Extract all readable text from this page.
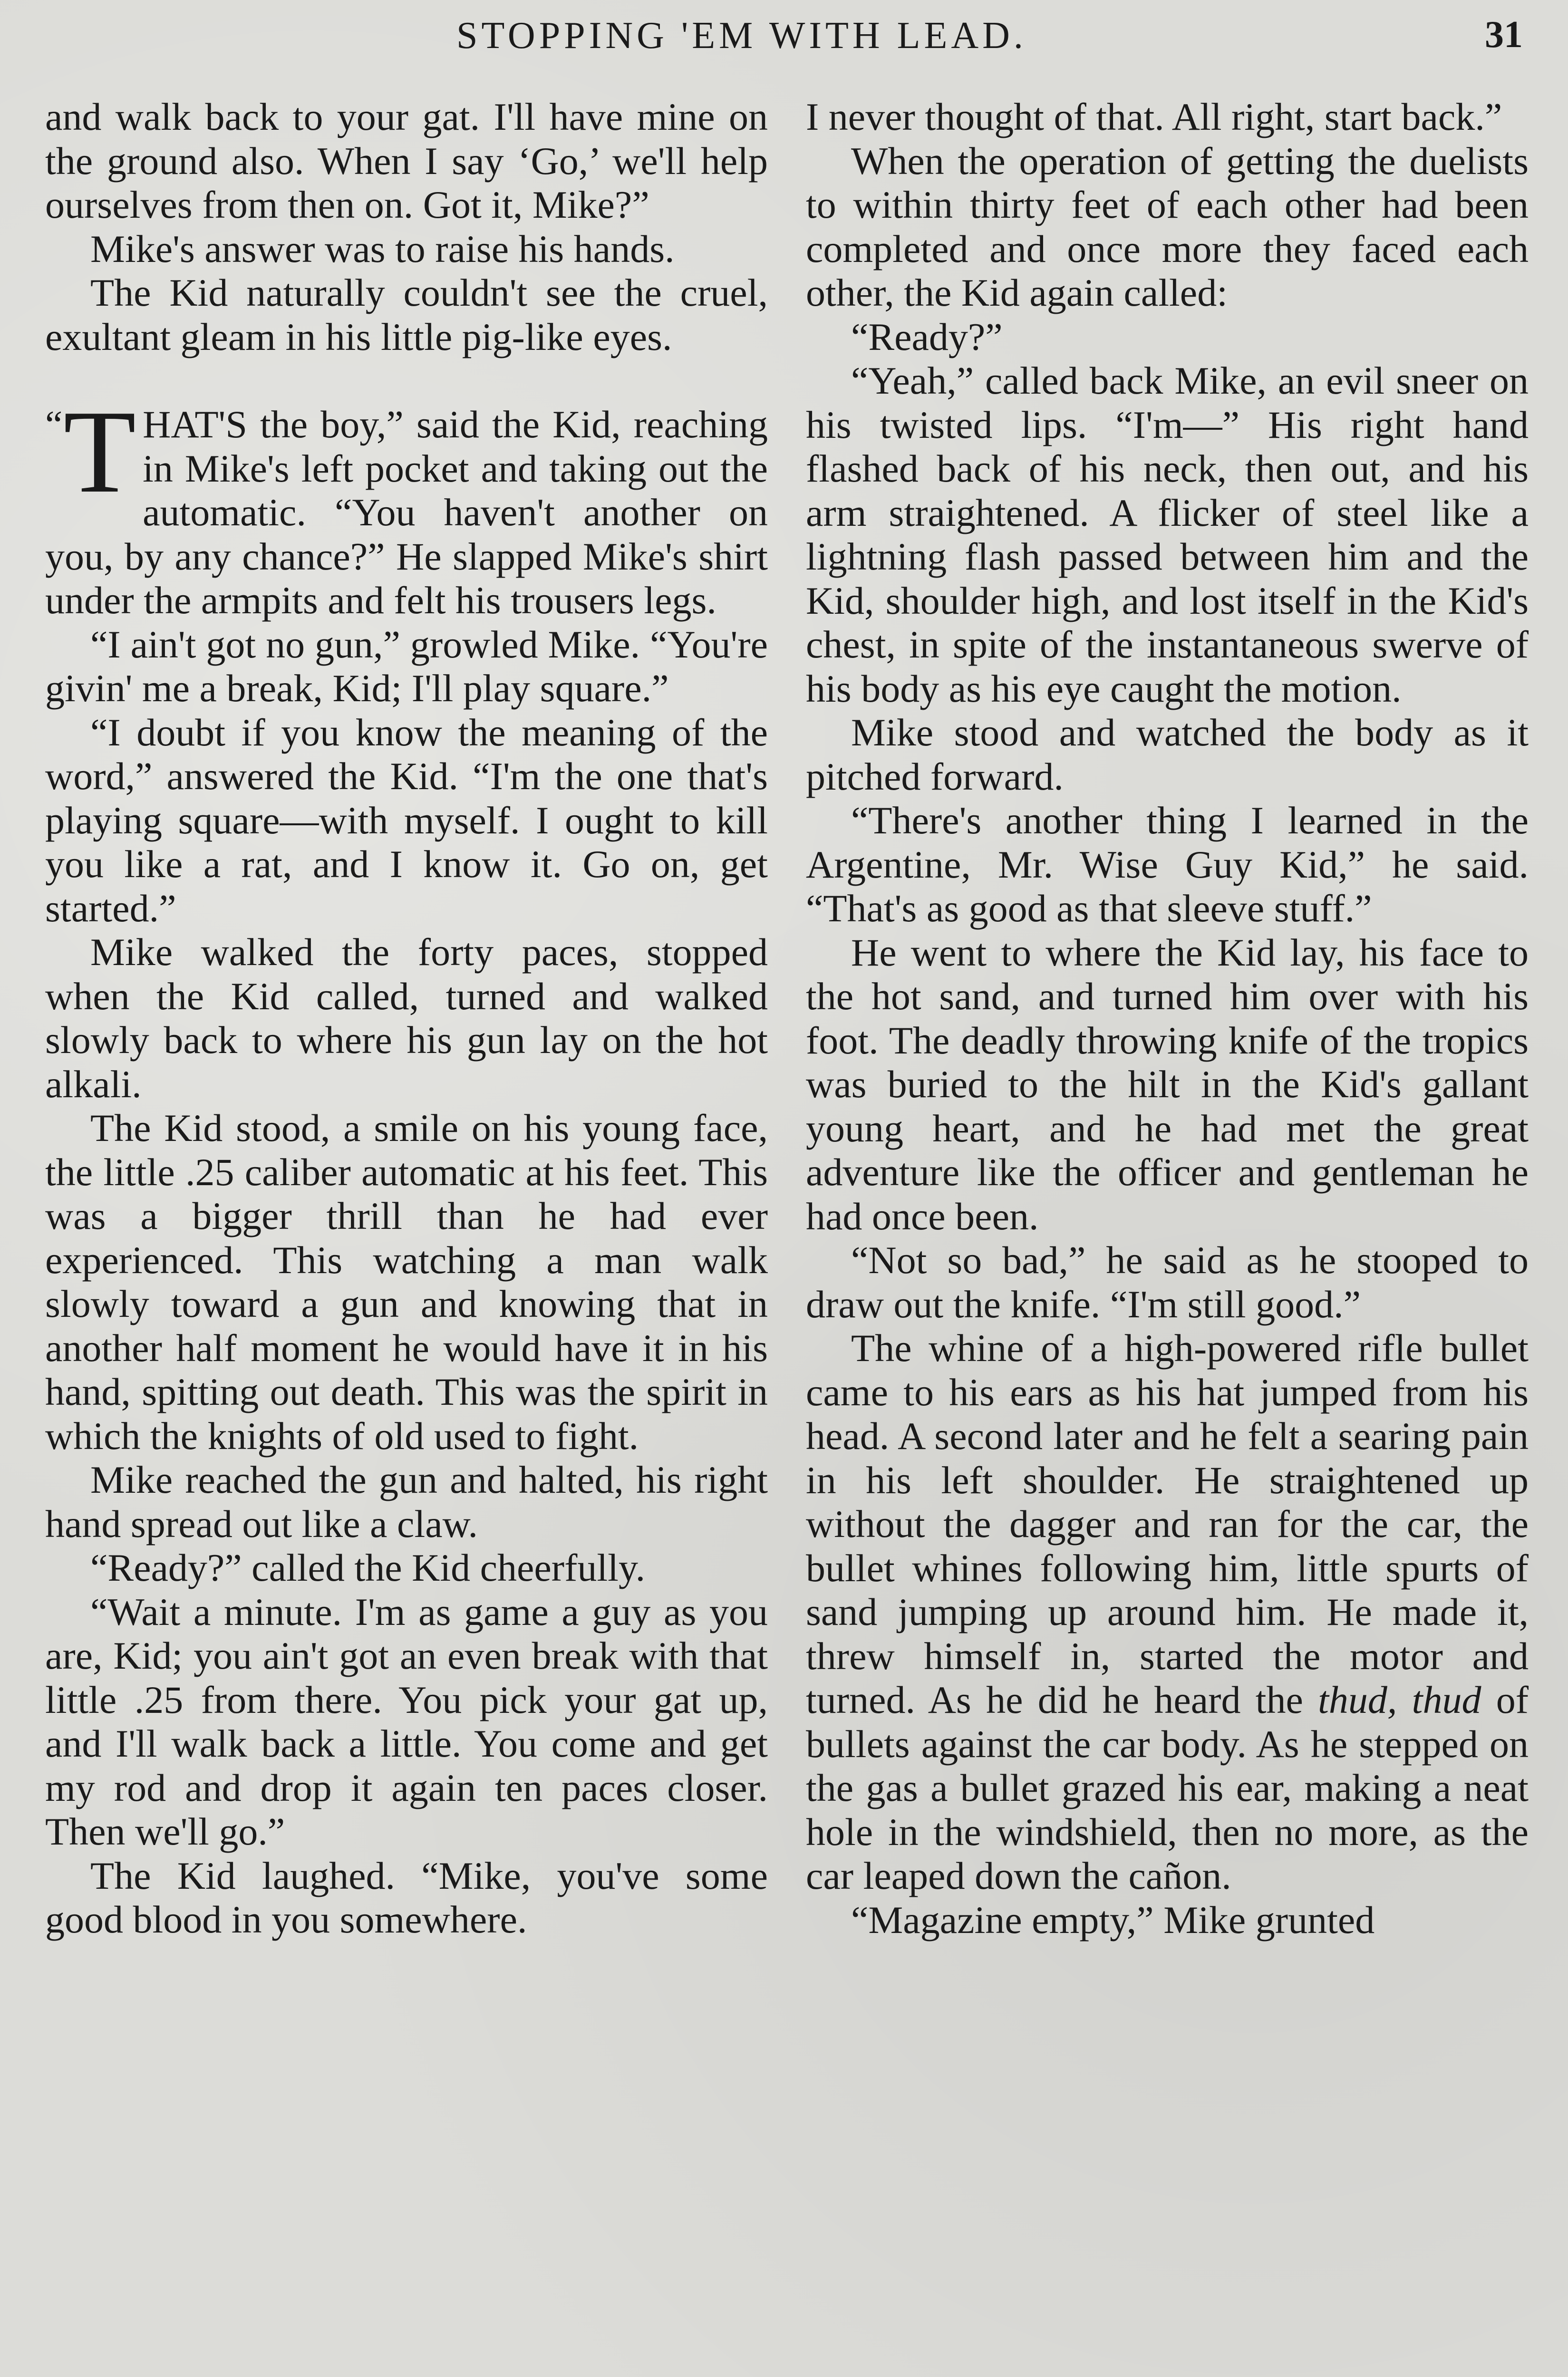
STOPPING 'EM WITH LEAD.	31

and walk back to your gat. I'll have mine on the ground also. When I say ‘Go,’ we'll help ourselves from then on. Got it, Mike?”

Mike's answer was to raise his hands.

The Kid naturally couldn't see the cruel, exultant gleam in his little pig-like eyes.

“ T HAT'S the boy,” said the Kid, reaching in Mike's left pocket and taking out the automatic. “You haven't another on you, by any chance?” He slapped Mike's shirt under the armpits and felt his trousers legs.

“I ain't got no gun,” growled Mike. “You're givin' me a break, Kid; I'll play square.”

“I doubt if you know the meaning of the word,” answered the Kid. “I'm the one that's playing square—with myself. I ought to kill you like a rat, and I know it. Go on, get started.”

Mike walked the forty paces, stopped when the Kid called, turned and walked slowly back to where his gun lay on the hot alkali.

The Kid stood, a smile on his young face, the little .25 caliber automatic at his feet. This was a bigger thrill than he had ever experienced. This watching a man walk slowly toward a gun and knowing that in another half moment he would have it in his hand, spitting out death. This was the spirit in which the knights of old used to fight.

Mike reached the gun and halted, his right hand spread out like a claw.

“Ready?” called the Kid cheerfully.

“Wait a minute. I'm as game a guy as you are, Kid; you ain't got an even break with that little .25 from there. You pick your gat up, and I'll walk back a little. You come and get my rod and drop it again ten paces closer. Then we'll go.”

The Kid laughed. “Mike, you've some good blood in you somewhere.

I never thought of that. All right, start back.”

When the operation of getting the duelists to within thirty feet of each other had been completed and once more they faced each other, the Kid again called:

“Ready?”

“Yeah,” called back Mike, an evil sneer on his twisted lips. “I'm—” His right hand flashed back of his neck, then out, and his arm straightened. A flicker of steel like a lightning flash passed between him and the Kid, shoulder high, and lost itself in the Kid's chest, in spite of the instantaneous swerve of his body as his eye caught the motion.

Mike stood and watched the body as it pitched forward.

“There's another thing I learned in the Argentine, Mr. Wise Guy Kid,” he said. “That's as good as that sleeve stuff.”

He went to where the Kid lay, his face to the hot sand, and turned him over with his foot. The deadly throwing knife of the tropics was buried to the hilt in the Kid's gallant young heart, and he had met the great adventure like the officer and gentleman he had once been.

“Not so bad,” he said as he stooped to draw out the knife. “I'm still good.”

The whine of a high-powered rifle bullet came to his ears as his hat jumped from his head. A second later and he felt a searing pain in his left shoulder. He straightened up without the dagger and ran for the car, the bullet whines following him, little spurts of sand jumping up around him. He made it, threw himself in, started the motor and turned. As he did he heard the thud, thud of bullets against the car body. As he stepped on the gas a bullet grazed his ear, making a neat hole in the windshield, then no more, as the car leaped down the cañon.

“Magazine empty,” Mike grunted
